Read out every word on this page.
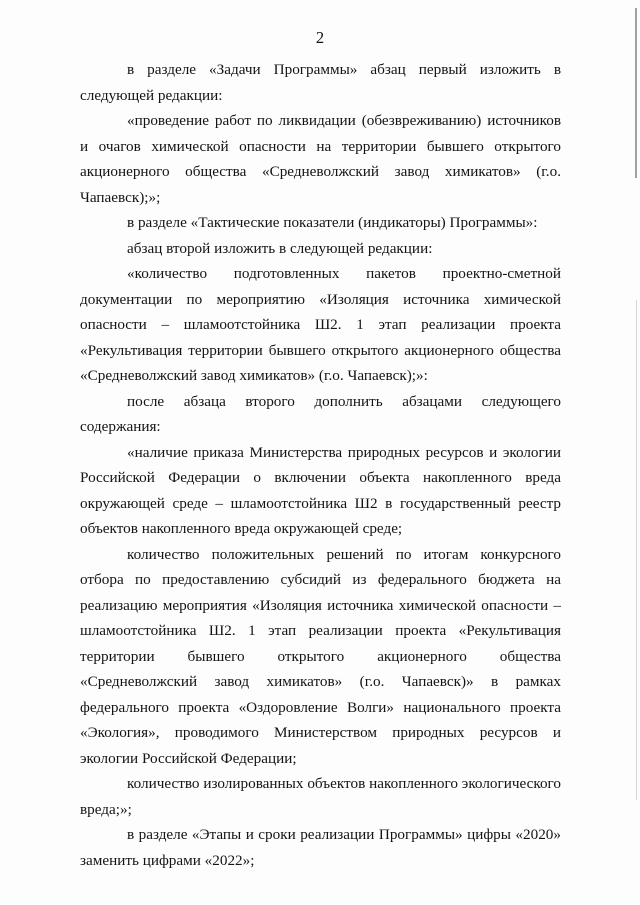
2

в разделе «Задачи Программы» абзац первый изложить в следующей редакции:

«проведение работ по ликвидации (обезвреживанию) источников и очагов химической опасности на территории бывшего открытого акционерного общества «Средневолжский завод химикатов» (г.о. Чапаевск);»;

в разделе «Тактические показатели (индикаторы) Программы»:

абзац второй изложить в следующей редакции:

«количество подготовленных пакетов проектно-сметной документации по мероприятию «Изоляция источника химической опасности – шламоотстойника Ш2. 1 этап реализации проекта «Рекультивация территории бывшего открытого акционерного общества «Средневолжский завод химикатов» (г.о. Чапаевск);»:

после абзаца второго дополнить абзацами следующего содержания:

«наличие приказа Министерства природных ресурсов и экологии Российской Федерации о включении объекта накопленного вреда окружающей среде – шламоотстойника Ш2 в государственный реестр объектов накопленного вреда окружающей среде;

количество положительных решений по итогам конкурсного отбора по предоставлению субсидий из федерального бюджета на реализацию мероприятия «Изоляция источника химической опасности – шламоотстойника Ш2. 1 этап реализации проекта «Рекультивация территории бывшего открытого акционерного общества «Средневолжский завод химикатов» (г.о. Чапаевск)» в рамках федерального проекта «Оздоровление Волги» национального проекта «Экология», проводимого Министерством природных ресурсов и экологии Российской Федерации;

количество изолированных объектов накопленного экологического вреда;»;

в разделе «Этапы и сроки реализации Программы» цифры «2020» заменить цифрами «2022»;
